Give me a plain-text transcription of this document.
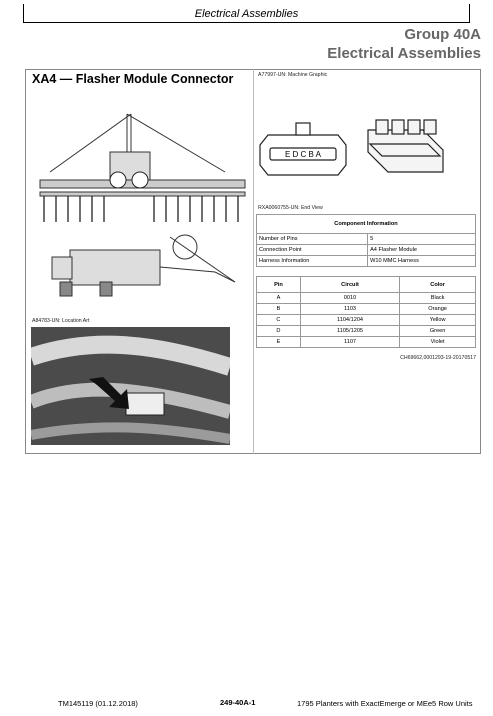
Electrical Assemblies
Group 40A
Electrical Assemblies
XA4 — Flasher Module Connector
A84783-UN: Location Art
A77997-UN: Machine Graphic
E D C B A
RXA0060755-UN: End View
Component Information	
Number of Pins	5
Connection Point	A4 Flasher Module
Harness Information	W10 MMC Harness
Pin	Circuit	Color
A	0010	Black
B	1103	Orange
C	1104/1204	Yellow
D	1105/1205	Green
E	1107	Violet
CH69662,0001293-19-20170517
TM145119 (01.12.2018)	249-40A-1	1795 Planters with ExactEmerge or MEe5 Row Units
